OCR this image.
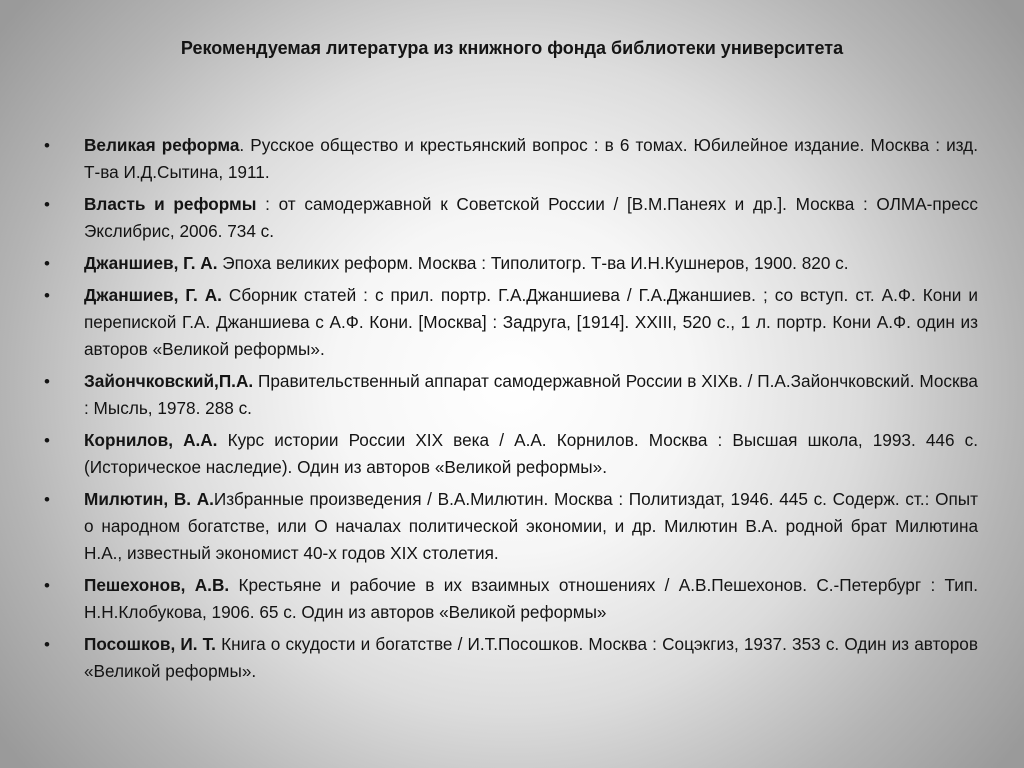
Рекомендуемая литература из книжного фонда библиотеки университета
• Великая реформа. Русское общество и крестьянский вопрос : в 6 томах. Юбилейное издание. Москва : изд. Т-ва И.Д.Сытина, 1911.
• Власть и реформы : от самодержавной к Советской России / [В.М.Панеях и др.]. Москва : ОЛМА-пресс Экслибрис, 2006. 734 с.
• Джаншиев, Г. А. Эпоха великих реформ. Москва : Типолитогр. Т-ва И.Н.Кушнеров, 1900. 820 с.
• Джаншиев, Г. А. Сборник статей : с прил. портр. Г.А.Джаншиева / Г.А.Джаншиев. ; со вступ. ст. А.Ф. Кони и перепиской Г.А. Джаншиева с А.Ф. Кони. [Москва] : Задруга, [1914]. XXIII, 520 с., 1 л. портр. Кони А.Ф. один из авторов «Великой реформы».
• Зайончковский,П.А. Правительственный аппарат самодержавной России в XIXв. / П.А.Зайончковский. Москва : Мысль, 1978. 288 с.
• Корнилов, А.А. Курс истории России XIX века / А.А. Корнилов. Москва : Высшая школа, 1993. 446 с. (Историческое наследие). Один из авторов «Великой реформы».
• Милютин, В. А.Избранные произведения / В.А.Милютин. Москва : Политиздат, 1946. 445 с. Содерж. ст.: Опыт о народном богатстве, или О началах политической экономии, и др. Милютин В.А. родной брат Милютина Н.А., известный экономист 40-х годов XIX столетия.
• Пешехонов, А.В. Крестьяне и рабочие в их взаимных отношениях / А.В.Пешехонов. С.-Петербург : Тип. Н.Н.Клобукова, 1906. 65 с. Один из авторов «Великой реформы»
• Посошков, И. Т. Книга о скудости и богатстве / И.Т.Посошков. Москва : Соцэкгиз, 1937. 353 с. Один из авторов «Великой реформы».
